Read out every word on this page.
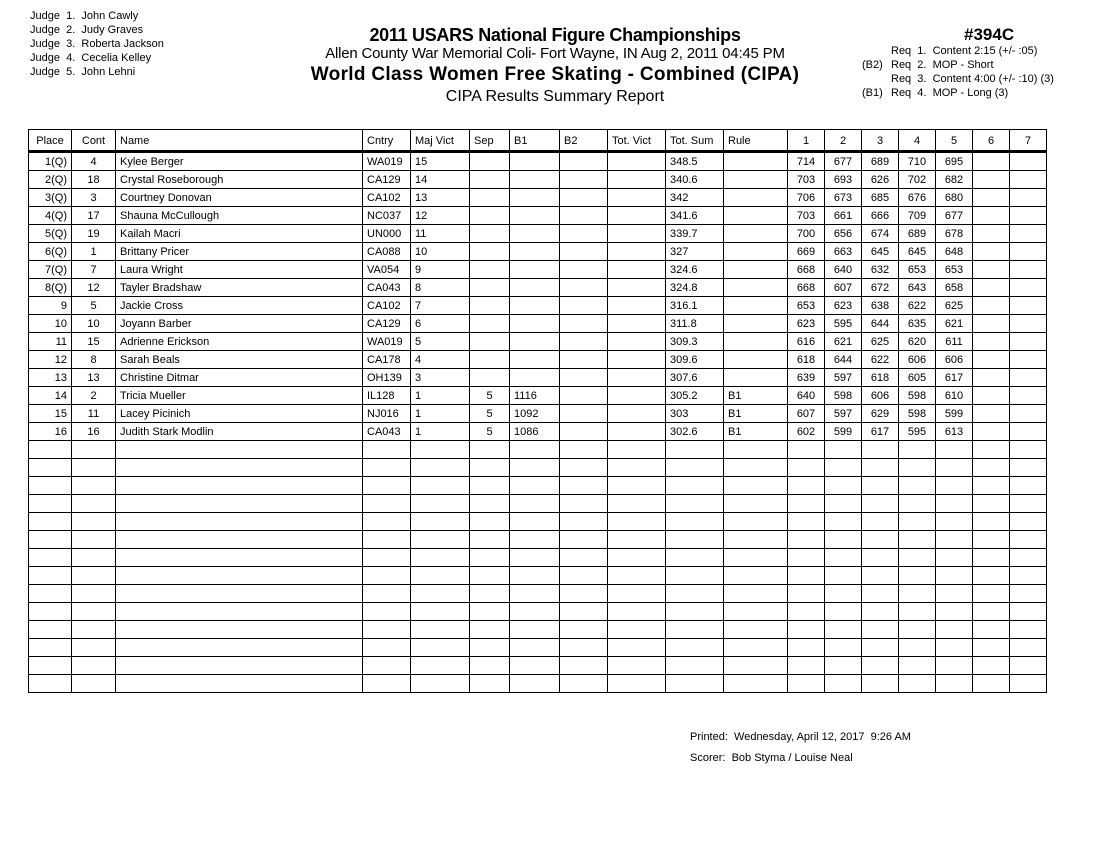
Judge  1.  John Cawly
Judge  2.  Judy Graves
Judge  3.  Roberta Jackson
Judge  4.  Cecelia Kelley
Judge  5.  John Lehni
2011 USARS National Figure Championships
Allen County War Memorial Coli- Fort Wayne, IN Aug 2, 2011 04:45 PM
World Class Women Free Skating - Combined (CIPA)
CIPA Results Summary Report
#394C
Req  1.  Content 2:15 (+/- :05)
(B2) Req  2.  MOP - Short
Req  3.  Content 4:00 (+/- :10) (3)
(B1) Req  4.  MOP - Long (3)
Place	Cont	Name	Cntry	Maj Vict	Sep	B1	B2	Tot. Vict	Tot. Sum	Rule	1	2	3	4	5	6	7
1(Q)	4	Kylee Berger	WA019	15					348.5		714	677	689	710	695		
2(Q)	18	Crystal Roseborough	CA129	14					340.6		703	693	626	702	682		
3(Q)	3	Courtney Donovan	CA102	13					342		706	673	685	676	680		
4(Q)	17	Shauna McCullough	NC037	12					341.6		703	661	666	709	677		
5(Q)	19	Kailah Macri	UN000	11					339.7		700	656	674	689	678		
6(Q)	1	Brittany Pricer	CA088	10					327		669	663	645	645	648		
7(Q)	7	Laura Wright	VA054	9					324.6		668	640	632	653	653		
8(Q)	12	Tayler Bradshaw	CA043	8					324.8		668	607	672	643	658		
9	5	Jackie Cross	CA102	7					316.1		653	623	638	622	625		
10	10	Joyann Barber	CA129	6					311.8		623	595	644	635	621		
11	15	Adrienne Erickson	WA019	5					309.3		616	621	625	620	611		
12	8	Sarah Beals	CA178	4					309.6		618	644	622	606	606		
13	13	Christine Ditmar	OH139	3					307.6		639	597	618	605	617		
14	2	Tricia Mueller	IL128	1	5	1116			305.2	B1	640	598	606	598	610		
15	11	Lacey Picinich	NJ016	1	5	1092			303	B1	607	597	629	598	599		
16	16	Judith Stark Modlin	CA043	1	5	1086			302.6	B1	602	599	617	595	613		

Printed:  Wednesday, April 12, 2017  9:26 AM
Scorer:  Bob Styma / Louise Neal
